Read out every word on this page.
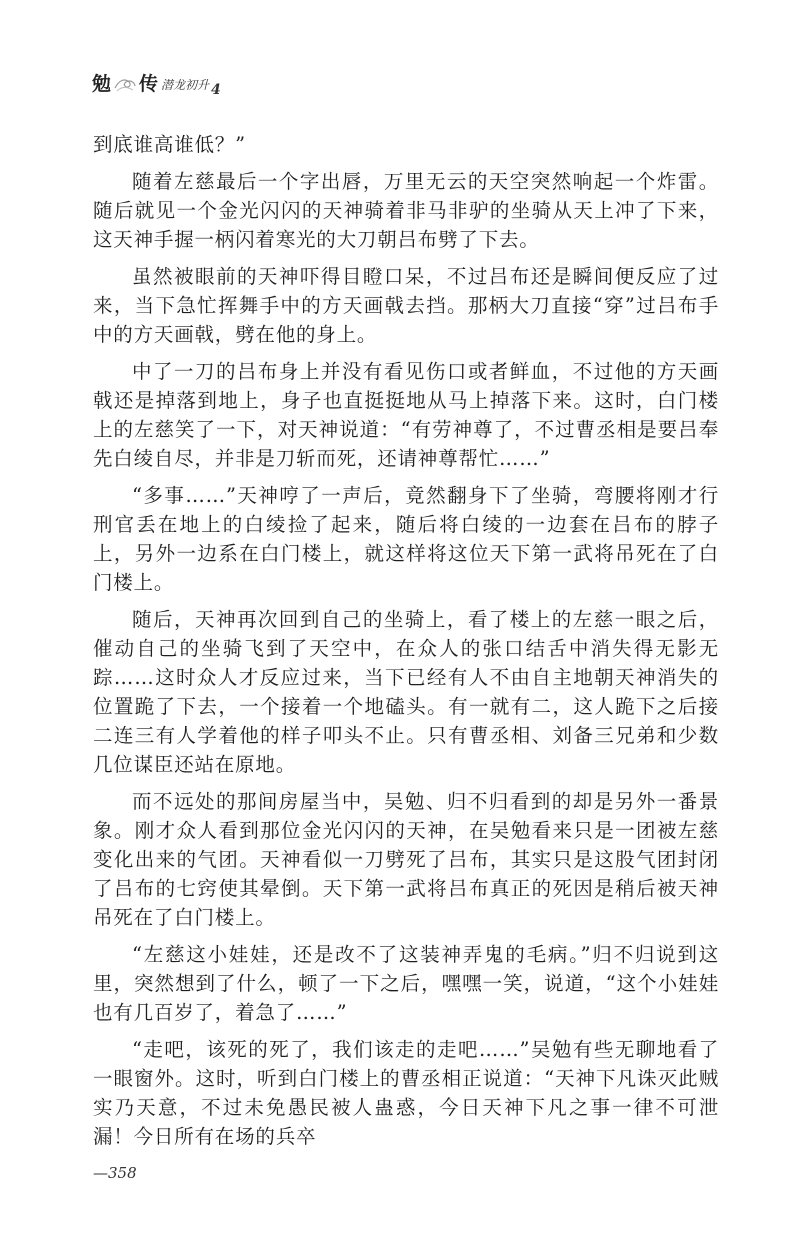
勉 传 潜龙初升 4

到底谁高谁低？”

随着左慈最后一个字出唇，万里无云的天空突然响起一个炸雷。随后就见一个金光闪闪的天神骑着非马非驴的坐骑从天上冲了下来，这天神手握一柄闪着寒光的大刀朝吕布劈了下去。

虽然被眼前的天神吓得目瞪口呆，不过吕布还是瞬间便反应了过来，当下急忙挥舞手中的方天画戟去挡。那柄大刀直接“穿”过吕布手中的方天画戟，劈在他的身上。

中了一刀的吕布身上并没有看见伤口或者鲜血，不过他的方天画戟还是掉落到地上，身子也直挺挺地从马上掉落下来。这时，白门楼上的左慈笑了一下，对天神说道：“有劳神尊了，不过曹丞相是要吕奉先白绫自尽，并非是刀斩而死，还请神尊帮忙……”

“多事……”天神哼了一声后，竟然翻身下了坐骑，弯腰将刚才行刑官丢在地上的白绫捡了起来，随后将白绫的一边套在吕布的脖子上，另外一边系在白门楼上，就这样将这位天下第一武将吊死在了白门楼上。

随后，天神再次回到自己的坐骑上，看了楼上的左慈一眼之后，催动自己的坐骑飞到了天空中，在众人的张口结舌中消失得无影无踪……这时众人才反应过来，当下已经有人不由自主地朝天神消失的位置跪了下去，一个接着一个地磕头。有一就有二，这人跪下之后接二连三有人学着他的样子叩头不止。只有曹丞相、刘备三兄弟和少数几位谋臣还站在原地。

而不远处的那间房屋当中，吴勉、归不归看到的却是另外一番景象。刚才众人看到那位金光闪闪的天神，在吴勉看来只是一团被左慈变化出来的气团。天神看似一刀劈死了吕布，其实只是这股气团封闭了吕布的七窍使其晕倒。天下第一武将吕布真正的死因是稍后被天神吊死在了白门楼上。

“左慈这小娃娃，还是改不了这装神弄鬼的毛病。”归不归说到这里，突然想到了什么，顿了一下之后，嘿嘿一笑，说道，“这个小娃娃也有几百岁了，着急了……”

“走吧，该死的死了，我们该走的走吧……”吴勉有些无聊地看了一眼窗外。这时，听到白门楼上的曹丞相正说道：“天神下凡诛灭此贼实乃天意，不过未免愚民被人蛊惑，今日天神下凡之事一律不可泄漏！今日所有在场的兵卒

—358
